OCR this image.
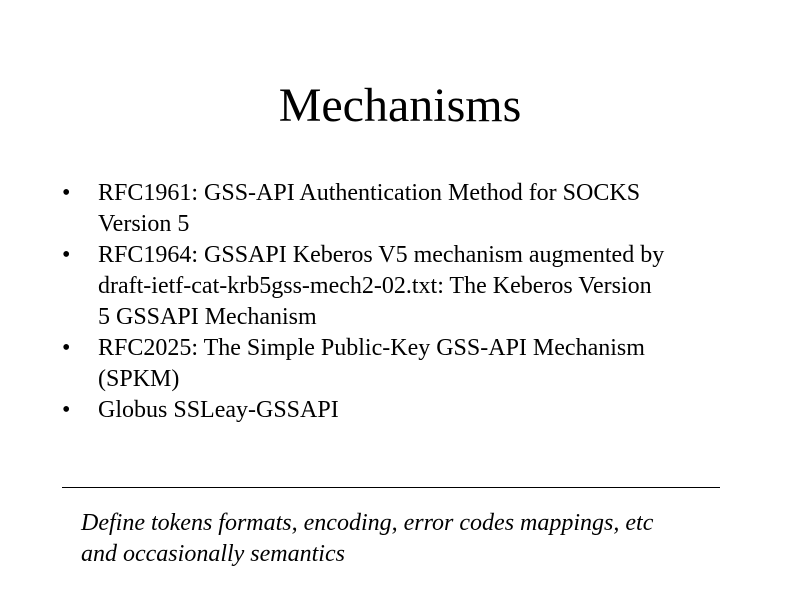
Mechanisms
•	RFC1961: GSS-API Authentication Method for SOCKS
Version 5
•	RFC1964: GSSAPI Keberos V5 mechanism augmented by
draft-ietf-cat-krb5gss-mech2-02.txt: The Keberos Version
5 GSSAPI Mechanism
•	RFC2025: The Simple Public-Key GSS-API Mechanism
(SPKM)
•	Globus SSLeay-GSSAPI
Define tokens formats, encoding, error codes mappings, etc
and occasionally semantics
